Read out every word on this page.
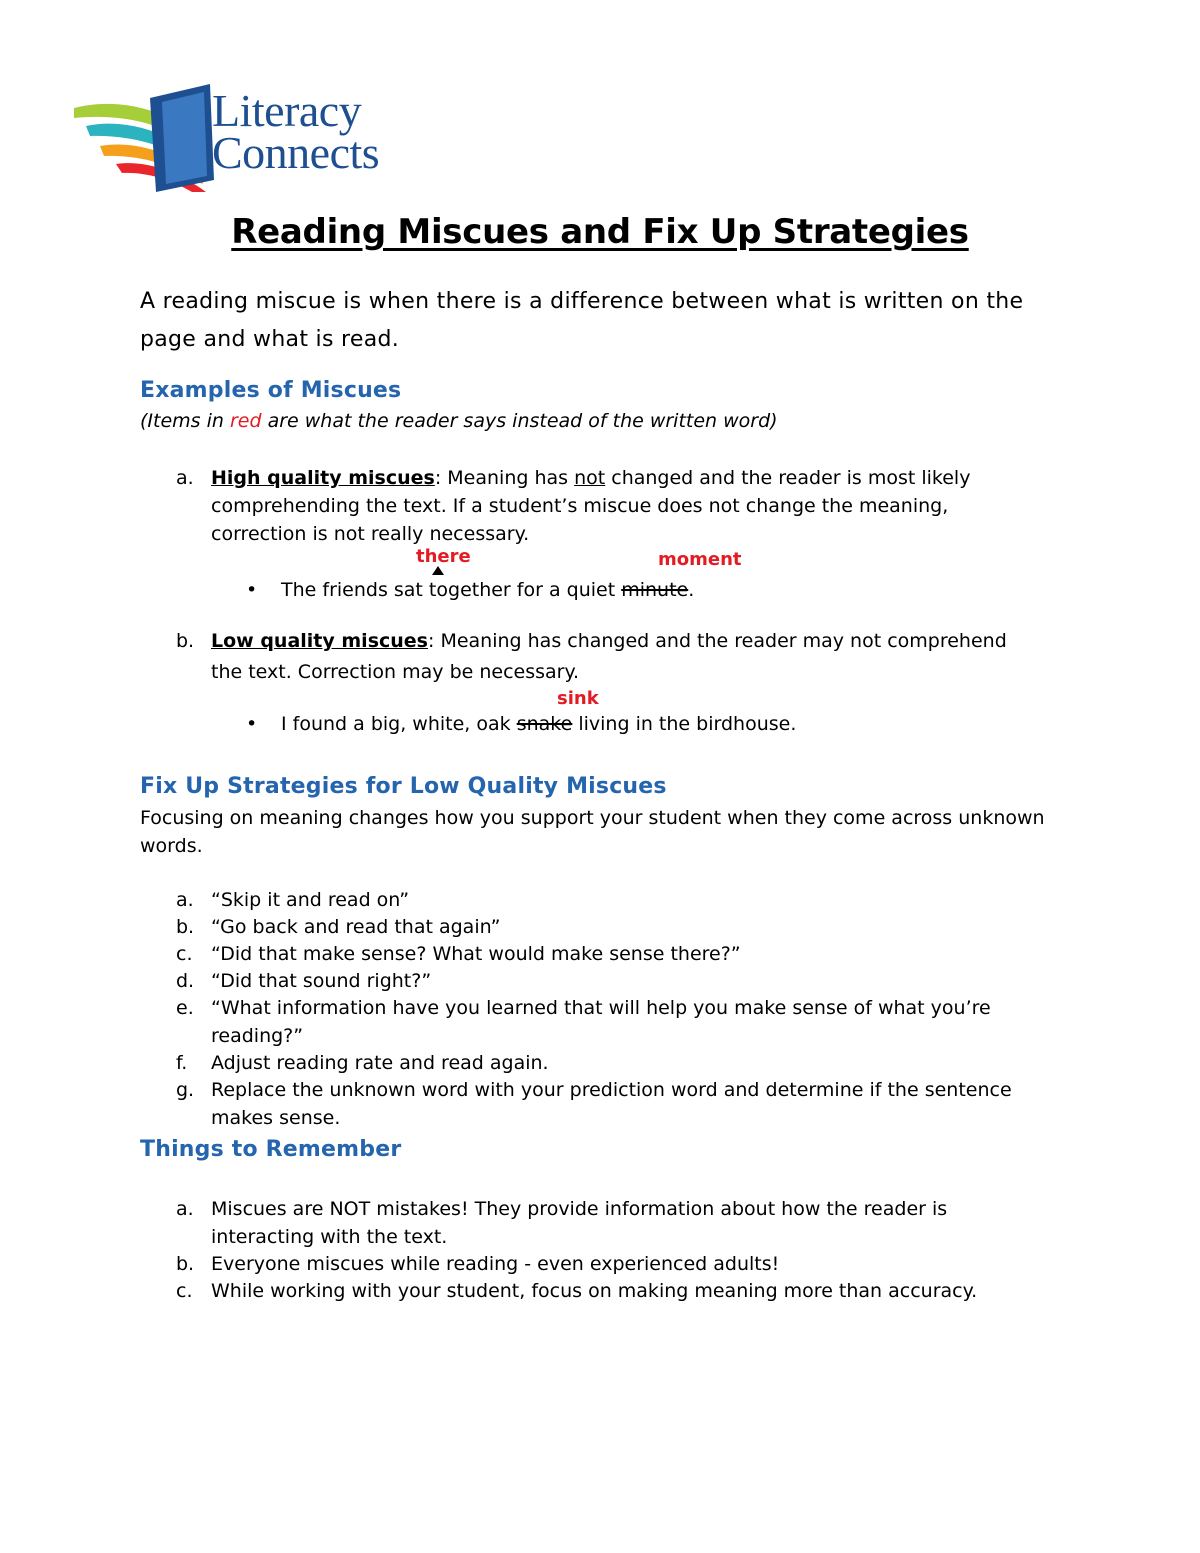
Literacy
Connects
Reading Miscues and Fix Up Strategies
A reading miscue is when there is a difference between what is written on the page and what is read.
Examples of Miscues
(Items in red are what the reader says instead of the written word)
a. High quality miscues: Meaning has not changed and the reader is most likely comprehending the text. If a student’s miscue does not change the meaning, correction is not really necessary.
there	moment
• The friends sat together for a quiet minute.
b. Low quality miscues: Meaning has changed and the reader may not comprehend the text. Correction may be necessary.
sink
• I found a big, white, oak snake living in the birdhouse.
Fix Up Strategies for Low Quality Miscues
Focusing on meaning changes how you support your student when they come across unknown words.
a. “Skip it and read on”
b. “Go back and read that again”
c. “Did that make sense? What would make sense there?”
d. “Did that sound right?”
e. “What information have you learned that will help you make sense of what you’re reading?”
f. Adjust reading rate and read again.
g. Replace the unknown word with your prediction word and determine if the sentence makes sense.
Things to Remember
a. Miscues are NOT mistakes! They provide information about how the reader is interacting with the text.
b. Everyone miscues while reading - even experienced adults!
c. While working with your student, focus on making meaning more than accuracy.
